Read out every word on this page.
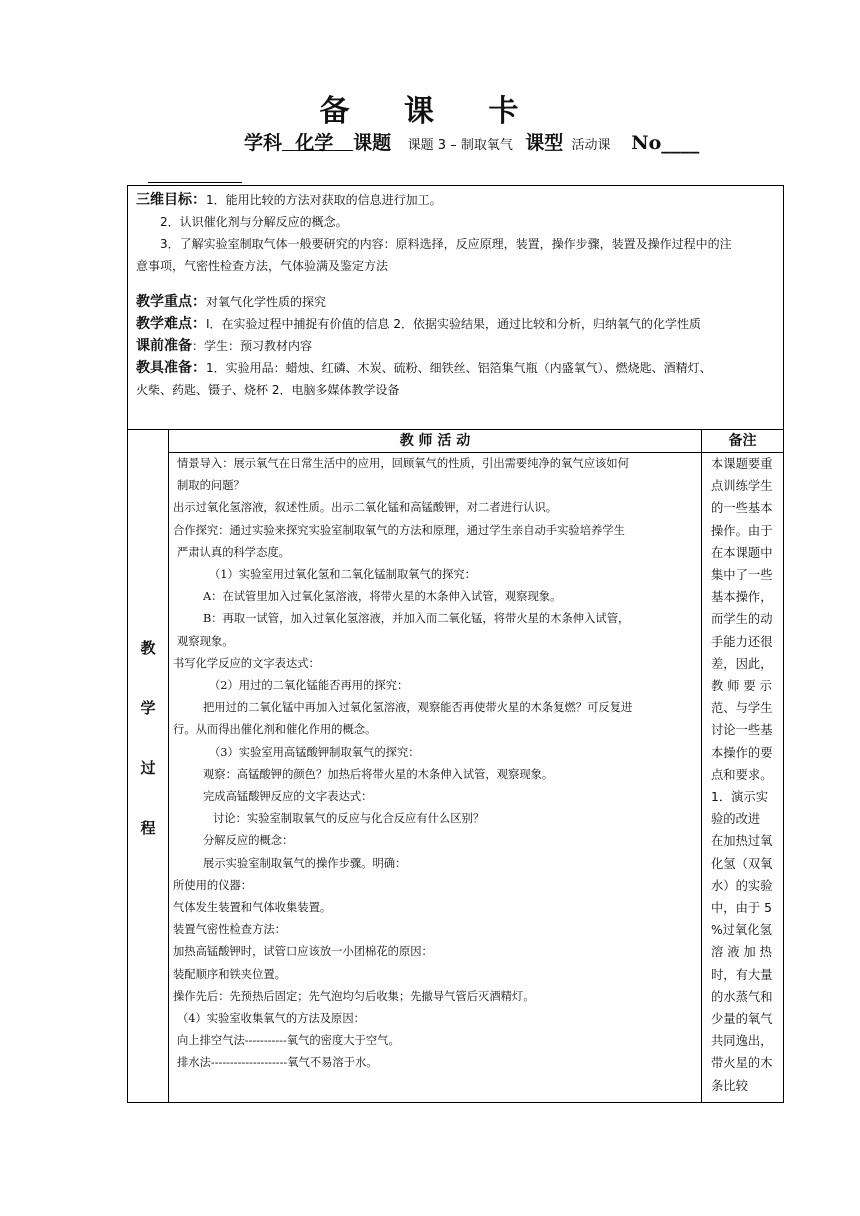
备 课 卡
学科 化学 课题 课题 3 – 制取氧气 课型 活动课 No____

三维目标：1．能用比较的方法对获取的信息进行加工。

2．认识催化剂与分解反应的概念。

3．了解实验室制取气体一般要研究的内容：原料选择，反应原理，装置，操作步骤，装置及操作过程中的注

意事项，气密性检查方法，气体验满及鉴定方法

教学重点：对氧气化学性质的探究

教学难点：I．在实验过程中捕捉有价值的信息 2．依据实验结果，通过比较和分析，归纳氧气的化学性质

课前准备：学生：预习教材内容

教具准备：1．实验用品：蜡烛、红磷、木炭、硫粉、细铁丝、铝箔集气瓶（内盛氧气）、燃烧匙、酒精灯、

火柴、药匙、镊子、烧杯 2．电脑多媒体教学设备

教 师 活 动	备注
教
学
过
程

情景导入：展示氧气在日常生活中的应用，回顾氧气的性质，引出需要纯净的氧气应该如何

制取的问题？

出示过氧化氢溶液，叙述性质。出示二氧化锰和高锰酸钾，对二者进行认识。

合作探究：通过实验来探究实验室制取氧气的方法和原理，通过学生亲自动手实验培养学生

严肃认真的科学态度。

（1）实验室用过氧化氢和二氧化锰制取氧气的探究：

A：在试管里加入过氧化氢溶液，将带火星的木条伸入试管，观察现象。

B：再取一试管，加入过氧化氢溶液，并加入而二氧化锰，将带火星的木条伸入试管，

观察现象。

书写化学反应的文字表达式：

（2）用过的二氧化锰能否再用的探究：

把用过的二氧化锰中再加入过氧化氢溶液，观察能否再使带火星的木条复燃？可反复进

行。从而得出催化剂和催化作用的概念。

（3）实验室用高锰酸钾制取氧气的探究：

观察：高锰酸钾的颜色？加热后将带火星的木条伸入试管，观察现象。

完成高锰酸钾反应的文字表达式：

讨论：实验室制取氧气的反应与化合反应有什么区别？

分解反应的概念：

展示实验室制取氧气的操作步骤。明确：

所使用的仪器：

气体发生装置和气体收集装置。

装置气密性检查方法：

加热高锰酸钾时，试管口应该放一小团棉花的原因：

装配顺序和铁夹位置。

操作先后：先预热后固定；先气泡均匀后收集；先撤导气管后灭酒精灯。

（4）实验室收集氧气的方法及原因：

向上排空气法-----------氧气的密度大于空气。

排水法--------------------氧气不易溶于水。

本课题要重

点训练学生

的一些基本

操作。由于

在本课题中

集中了一些

基本操作，

而学生的动

手能力还很

差，因此，

教 师 要 示

范、与学生

讨论一些基

本操作的要

点和要求。

1．演示实

验的改进

在加热过氧

化氢（双氧

水）的实验

中，由于 5

%过氧化氢

溶 液 加 热

时，有大量

的水蒸气和

少量的氧气

共同逸出，

带火星的木

条比较
